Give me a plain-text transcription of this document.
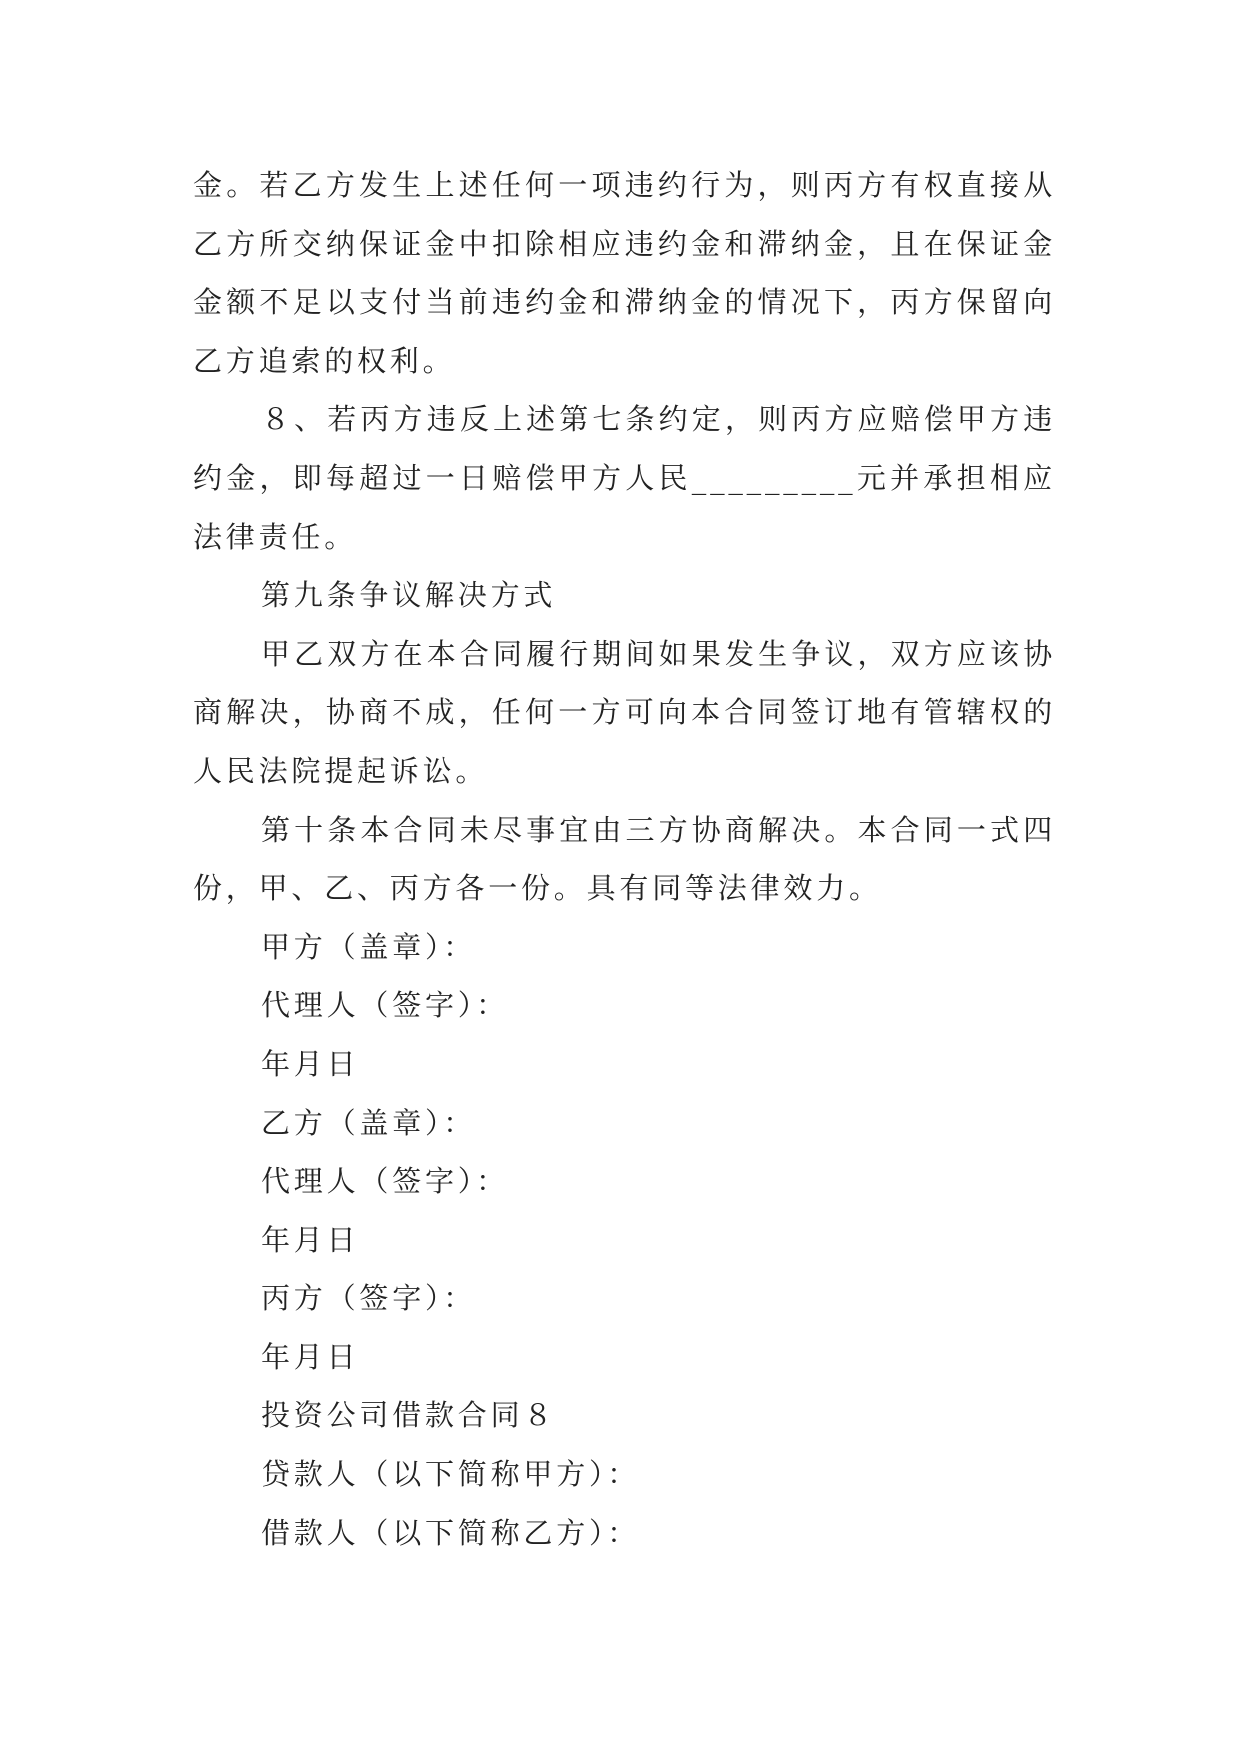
金。若乙方发生上述任何一项违约行为，则丙方有权直接从
乙方所交纳保证金中扣除相应违约金和滞纳金，且在保证金
金额不足以支付当前违约金和滞纳金的情况下，丙方保留向
乙方追索的权利。
８、若丙方违反上述第七条约定，则丙方应赔偿甲方违
约金，即每超过一日赔偿甲方人民_________元并承担相应
法律责任。
第九条争议解决方式
甲乙双方在本合同履行期间如果发生争议，双方应该协
商解决，协商不成，任何一方可向本合同签订地有管辖权的
人民法院提起诉讼。
第十条本合同未尽事宜由三方协商解决。本合同一式四
份，甲、乙、丙方各一份。具有同等法律效力。
甲方（盖章）：
代理人（签字）：
年月日
乙方（盖章）：
代理人（签字）：
年月日
丙方（签字）：
年月日
投资公司借款合同８
贷款人（以下简称甲方）：
借款人（以下简称乙方）：
